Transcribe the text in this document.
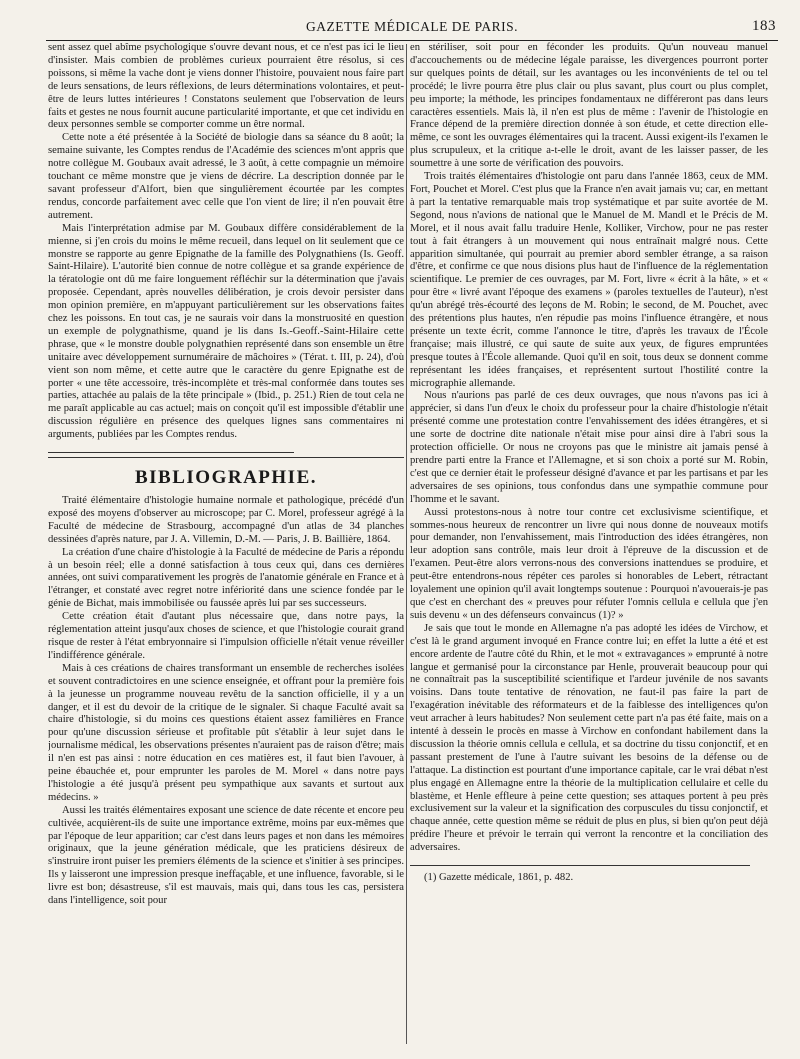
GAZETTE MÉDICALE DE PARIS.	183

sent assez quel abîme psychologique s'ouvre devant nous, et ce n'est pas ici le lieu d'insister. Mais combien de problèmes curieux pourraient être résolus, si ces poissons, si même la vache dont je viens donner l'histoire, pouvaient nous faire part de leurs sensations, de leurs réflexions, de leurs déterminations volontaires, et peut-être de leurs luttes intérieures ! Constatons seulement que l'observation de leurs faits et gestes ne nous fournit aucune particularité importante, et que cet individu en deux personnes semble se comporter comme un être normal.

Cette note a été présentée à la Société de biologie dans sa séance du 8 août; la semaine suivante, les Comptes rendus de l'Académie des sciences m'ont appris que notre collègue M. Goubaux avait adressé, le 3 août, à cette compagnie un mémoire touchant ce même monstre que je viens de décrire. La description donnée par le savant professeur d'Alfort, bien que singulièrement écourtée par les comptes rendus, concorde parfaitement avec celle que l'on vient de lire; il n'en pouvait être autrement.

Mais l'interprétation admise par M. Goubaux diffère considérablement de la mienne, si j'en crois du moins le même recueil, dans lequel on lit seulement que ce monstre se rapporte au genre Epignathe de la famille des Polygnathiens (Is. Geoff. Saint-Hilaire). L'autorité bien connue de notre collègue et sa grande expérience de la tératologie ont dû me faire longuement réfléchir sur la détermination que j'avais proposée. Cependant, après nouvelles délibération, je crois devoir persister dans mon opinion première, en m'appuyant particulièrement sur les observations faites chez les poissons. En tout cas, je ne saurais voir dans la monstruosité en question un exemple de polygnathisme, quand je lis dans Is.-Geoff.-Saint-Hilaire cette phrase, que « le monstre double polygnathien représenté dans son ensemble un être unitaire avec développement surnuméraire de mâchoires » (Térat. t. III, p. 24), d'où vient son nom même, et cette autre que le caractère du genre Epignathe est de porter « une tête accessoire, très-incomplète et très-mal conformée dans toutes ses parties, attachée au palais de la tête principale » (Ibid., p. 251.) Rien de tout cela ne me paraît applicable au cas actuel; mais on conçoit qu'il est impossible d'établir une discussion régulière en présence des quelques lignes sans commentaires ni arguments, publiées par les Comptes rendus.

BIBLIOGRAPHIE.

Traité élémentaire d'histologie humaine normale et pathologique, précédé d'un exposé des moyens d'observer au microscope; par C. Morel, professeur agrégé à la Faculté de médecine de Strasbourg, accompagné d'un atlas de 34 planches dessinées d'après nature, par J. A. Villemin, D.-M. — Paris, J. B. Baillière, 1864.

La création d'une chaire d'histologie à la Faculté de médecine de Paris a répondu à un besoin réel; elle a donné satisfaction à tous ceux qui, dans ces dernières années, ont suivi comparativement les progrès de l'anatomie générale en France et à l'étranger, et constaté avec regret notre infériorité dans une science fondée par le génie de Bichat, mais immobilisée ou faussée après lui par ses successeurs.

Cette création était d'autant plus nécessaire que, dans notre pays, la réglementation atteint jusqu'aux choses de science, et que l'histologie courait grand risque de rester à l'état embryonnaire si l'impulsion officielle n'était venue réveiller l'indifférence générale.

Mais à ces créations de chaires transformant un ensemble de recherches isolées et souvent contradictoires en une science enseignée, et offrant pour la première fois à la jeunesse un programme nouveau revêtu de la sanction officielle, il y a un danger, et il est du devoir de la critique de le signaler. Si chaque Faculté avait sa chaire d'histologie, si du moins ces questions étaient assez familières en France pour qu'une discussion sérieuse et profitable pût s'établir à leur sujet dans le journalisme médical, les observations présentes n'auraient pas de raison d'être; mais il n'en est pas ainsi : notre éducation en ces matières est, il faut bien l'avouer, à peine ébauchée et, pour emprunter les paroles de M. Morel « dans notre pays l'histologie a été jusqu'à présent peu sympathique aux savants et surtout aux médecins. »

Aussi les traités élémentaires exposant une science de date récente et encore peu cultivée, acquièrent-ils de suite une importance extrême, moins par eux-mêmes que par l'époque de leur apparition; car c'est dans leurs pages et non dans les mémoires originaux, que la jeune génération médicale, que les praticiens désireux de s'instruire iront puiser les premiers éléments de la science et s'initier à ses principes. Ils y laisseront une impression presque ineffaçable, et une influence, favorable, si le livre est bon; désastreuse, s'il est mauvais, mais qui, dans tous les cas, persistera dans l'intelligence, soit pour

en stériliser, soit pour en féconder les produits. Qu'un nouveau manuel d'accouchements ou de médecine légale paraisse, les divergences pourront porter sur quelques points de détail, sur les avantages ou les inconvénients de tel ou tel procédé; le livre pourra être plus clair ou plus savant, plus court ou plus complet, peu importe; la méthode, les principes fondamentaux ne différeront pas dans leurs caractères essentiels. Mais là, il n'en est plus de même : l'avenir de l'histologie en France dépend de la première direction donnée à son étude, et cette direction elle-même, ce sont les ouvrages élémentaires qui la tracent. Aussi exigent-ils l'examen le plus scrupuleux, et la critique a-t-elle le droit, avant de les laisser passer, de les soumettre à une sorte de vérification des pouvoirs.

Trois traités élémentaires d'histologie ont paru dans l'année 1863, ceux de MM. Fort, Pouchet et Morel. C'est plus que la France n'en avait jamais vu; car, en mettant à part la tentative remarquable mais trop systématique et par suite avortée de M. Segond, nous n'avions de national que le Manuel de M. Mandl et le Précis de M. Morel, et il nous avait fallu traduire Henle, Kolliker, Virchow, pour ne pas rester tout à fait étrangers à un mouvement qui nous entraînait malgré nous. Cette apparition simultanée, qui pourrait au premier abord sembler étrange, a sa raison d'être, et confirme ce que nous disions plus haut de l'influence de la réglementation scientifique. Le premier de ces ouvrages, par M. Fort, livre « écrit à la hâte, » et « pour être « livré avant l'époque des examens » (paroles textuelles de l'auteur), n'est qu'un abrégé très-écourté des leçons de M. Robin; le second, de M. Pouchet, avec des prétentions plus hautes, n'en répudie pas moins l'influence étrangère, et nous présente un texte écrit, comme l'annonce le titre, d'après les travaux de l'École française; mais illustré, ce qui saute de suite aux yeux, de figures empruntées presque toutes à l'École allemande. Quoi qu'il en soit, tous deux se donnent comme représentant les idées françaises, et représentent surtout l'hostilité contre la micrographie allemande.

Nous n'aurions pas parlé de ces deux ouvrages, que nous n'avons pas ici à apprécier, si dans l'un d'eux le choix du professeur pour la chaire d'histologie n'était présenté comme une protestation contre l'envahissement des idées étrangères, et si une sorte de doctrine dite nationale n'était mise pour ainsi dire à l'abri sous la protection officielle. Or nous ne croyons pas que le ministre ait jamais pensé à prendre parti entre la France et l'Allemagne, et si son choix a porté sur M. Robin, c'est que ce dernier était le professeur désigné d'avance et par les partisans et par les adversaires de ses opinions, tous confondus dans une sympathie commune pour l'homme et le savant.

Aussi protestons-nous à notre tour contre cet exclusivisme scientifique, et sommes-nous heureux de rencontrer un livre qui nous donne de nouveaux motifs pour demander, non l'envahissement, mais l'introduction des idées étrangères, non leur adoption sans contrôle, mais leur droit à l'épreuve de la discussion et de l'examen. Peut-être alors verrons-nous des conversions inattendues se produire, et peut-être entendrons-nous répéter ces paroles si honorables de Lebert, rétractant loyalement une opinion qu'il avait longtemps soutenue : Pourquoi n'avouerais-je pas que c'est en cherchant des « preuves pour réfuter l'omnis cellula e cellula que j'en suis devenu « un des défenseurs convaincus (1)? »

Je sais que tout le monde en Allemagne n'a pas adopté les idées de Virchow, et c'est là le grand argument invoqué en France contre lui; en effet la lutte a été et est encore ardente de l'autre côté du Rhin, et le mot « extravagances » emprunté à notre langue et germanisé pour la circonstance par Henle, prouverait beaucoup pour qui ne connaîtrait pas la susceptibilité scientifique et l'ardeur juvénile de nos savants voisins. Dans toute tentative de rénovation, ne faut-il pas faire la part de l'exagération inévitable des réformateurs et de la faiblesse des intelligences qu'on veut arracher à leurs habitudes? Non seulement cette part n'a pas été faite, mais on a intenté à dessein le procès en masse à Virchow en confondant habilement dans la discussion la théorie omnis cellula e cellula, et sa doctrine du tissu conjonctif, et en passant prestement de l'une à l'autre suivant les besoins de la défense ou de l'attaque. La distinction est pourtant d'une importance capitale, car le vrai débat n'est plus engagé en Allemagne entre la théorie de la multiplication cellulaire et celle du blastème, et Henle effleure à peine cette question; ses attaques portent à peu près exclusivement sur la valeur et la signification des corpuscules du tissu conjonctif, et chaque année, cette question même se réduit de plus en plus, si bien qu'on peut déjà prédire l'heure et prévoir le terrain qui verront la rencontre et la conciliation des adversaires.

(1) Gazette médicale, 1861, p. 482.
